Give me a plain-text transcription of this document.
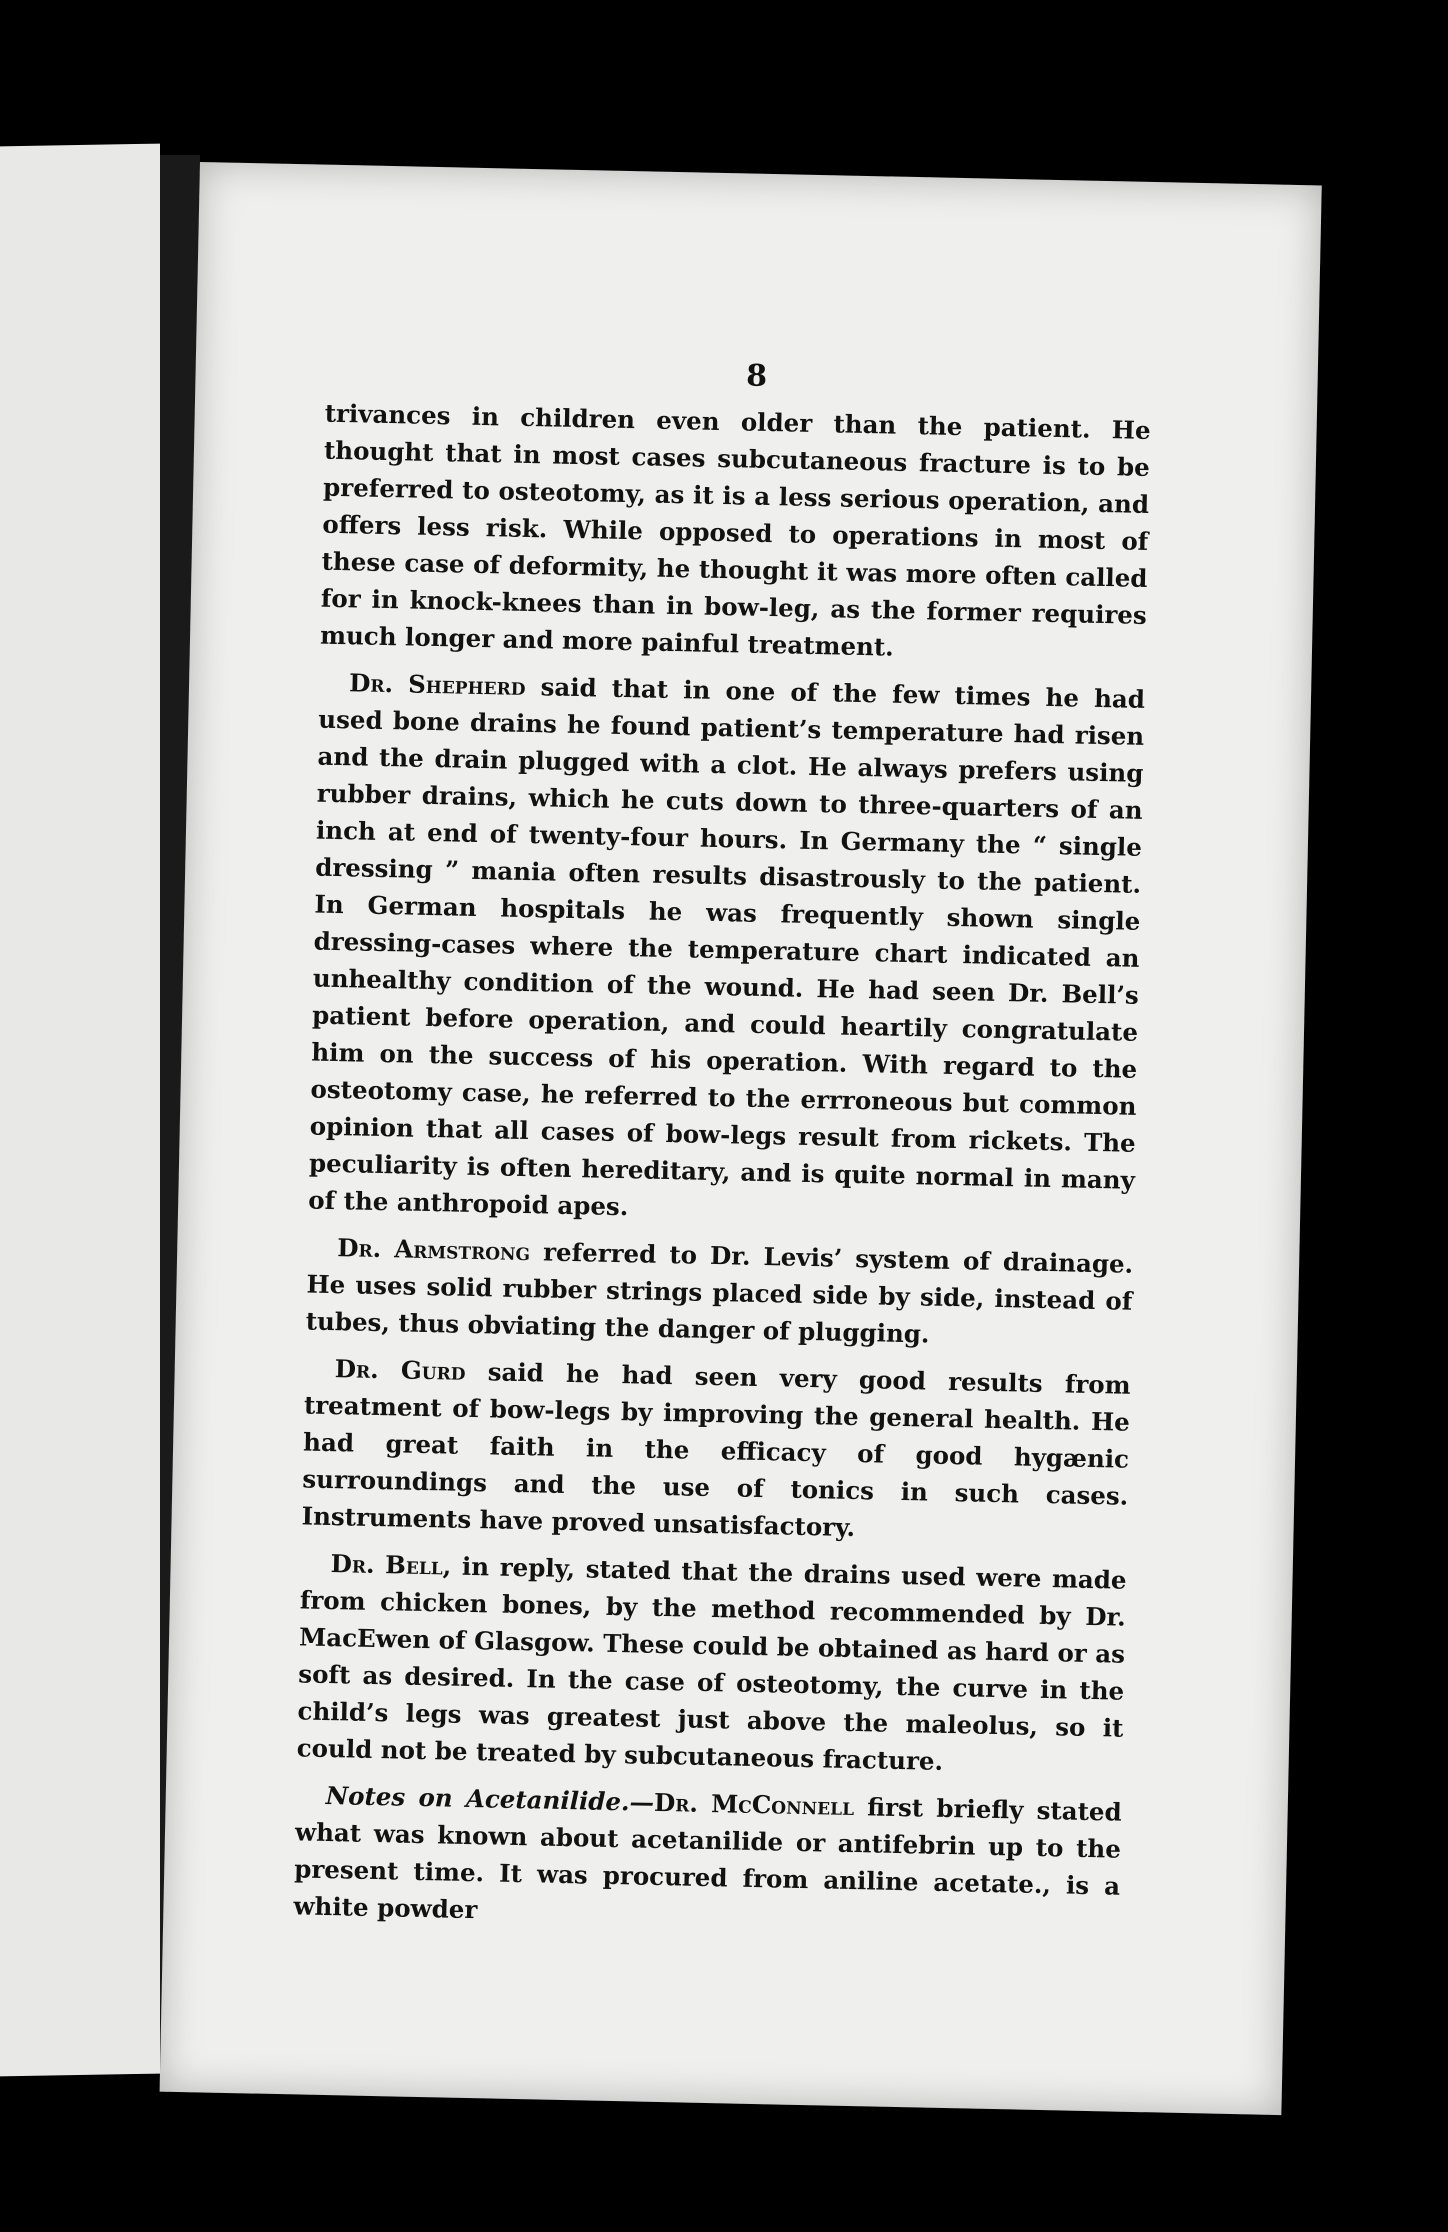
8

trivances in children even older than the patient. He thought that in most cases subcutaneous fracture is to be preferred to osteotomy, as it is a less serious operation, and offers less risk. While opposed to operations in most of these case of deformity, he thought it was more often called for in knock-knees than in bow-leg, as the former requires much longer and more painful treatment.

Dr. Shepherd said that in one of the few times he had used bone drains he found patient’s temperature had risen and the drain plugged with a clot. He always prefers using rubber drains, which he cuts down to three-quarters of an inch at end of twenty-four hours. In Germany the “ single dressing ” mania often results disastrously to the patient. In German hospitals he was frequently shown single dressing-cases where the temperature chart indicated an unhealthy condition of the wound. He had seen Dr. Bell’s patient before operation, and could heartily congratulate him on the success of his operation. With regard to the osteotomy case, he referred to the errroneous but common opinion that all cases of bow-legs result from rickets. The peculiarity is often hereditary, and is quite normal in many of the anthropoid apes.

Dr. Armstrong referred to Dr. Levis’ system of drainage. He uses solid rubber strings placed side by side, instead of tubes, thus obviating the danger of plugging.

Dr. Gurd said he had seen very good results from treatment of bow-legs by improving the general health. He had great faith in the efficacy of good hygænic surroundings and the use of tonics in such cases. Instruments have proved unsatisfactory.

Dr. Bell, in reply, stated that the drains used were made from chicken bones, by the method recommended by Dr. MacEwen of Glasgow. These could be obtained as hard or as soft as desired. In the case of osteotomy, the curve in the child’s legs was greatest just above the maleolus, so it could not be treated by subcutaneous fracture.

Notes on Acetanilide.—Dr. McConnell first briefly stated what was known about acetanilide or antifebrin up to the present time. It was procured from aniline acetate., is a white powder
